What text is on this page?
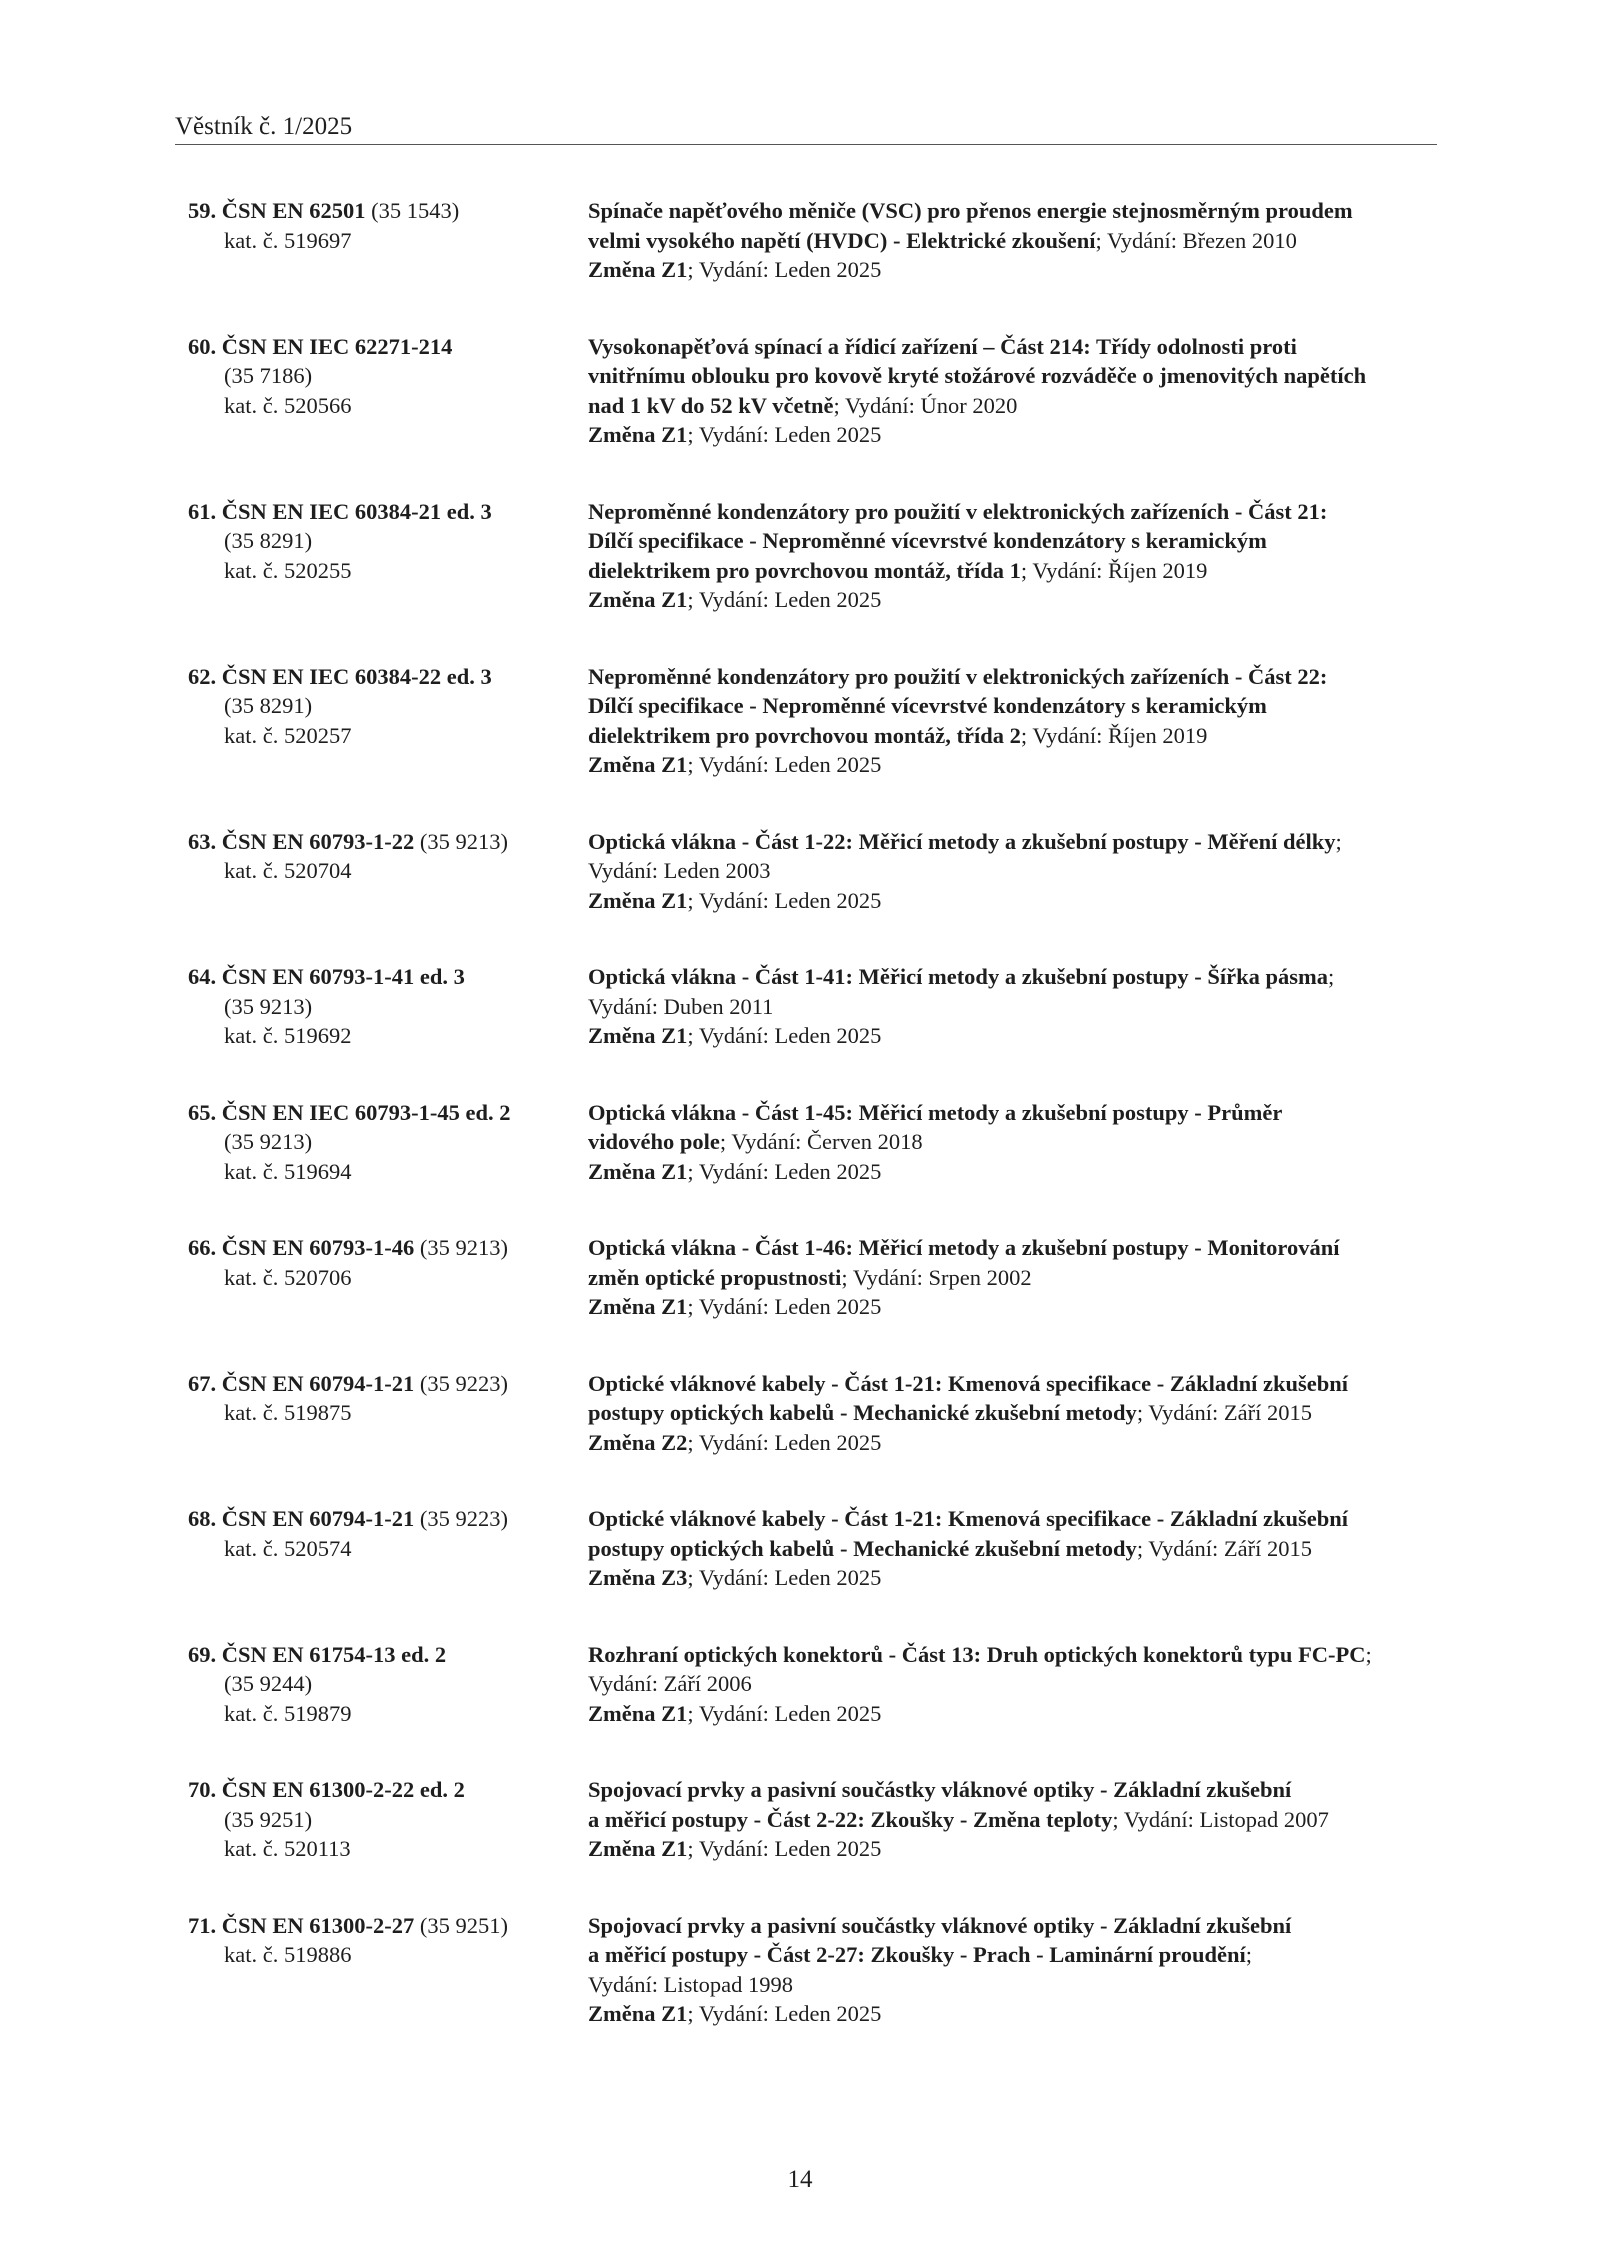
Věstník č. 1/2025
59. ČSN EN 62501 (35 1543)
kat. č. 519697
Spínače napěťového měniče (VSC) pro přenos energie stejnosměrným proudem
velmi vysokého napětí (HVDC) - Elektrické zkoušení; Vydání: Březen 2010
Změna Z1; Vydání: Leden 2025
60. ČSN EN IEC 62271-214
(35 7186)
kat. č. 520566
Vysokonapěťová spínací a řídicí zařízení – Část 214: Třídy odolnosti proti
vnitřnímu oblouku pro kovově kryté stožárové rozváděče o jmenovitých napětích
nad 1 kV do 52 kV včetně; Vydání: Únor 2020
Změna Z1; Vydání: Leden 2025
61. ČSN EN IEC 60384-21 ed. 3
(35 8291)
kat. č. 520255
Neproměnné kondenzátory pro použití v elektronických zařízeních - Část 21:
Dílčí specifikace - Neproměnné vícevrstvé kondenzátory s keramickým
dielektrikem pro povrchovou montáž, třída 1; Vydání: Říjen 2019
Změna Z1; Vydání: Leden 2025
62. ČSN EN IEC 60384-22 ed. 3
(35 8291)
kat. č. 520257
Neproměnné kondenzátory pro použití v elektronických zařízeních - Část 22:
Dílčí specifikace - Neproměnné vícevrstvé kondenzátory s keramickým
dielektrikem pro povrchovou montáž, třída 2; Vydání: Říjen 2019
Změna Z1; Vydání: Leden 2025
63. ČSN EN 60793-1-22 (35 9213)
kat. č. 520704
Optická vlákna - Část 1-22: Měřicí metody a zkušební postupy - Měření délky;
Vydání: Leden 2003
Změna Z1; Vydání: Leden 2025
64. ČSN EN 60793-1-41 ed. 3
(35 9213)
kat. č. 519692
Optická vlákna - Část 1-41: Měřicí metody a zkušební postupy - Šířka pásma;
Vydání: Duben 2011
Změna Z1; Vydání: Leden 2025
65. ČSN EN IEC 60793-1-45 ed. 2
(35 9213)
kat. č. 519694
Optická vlákna - Část 1-45: Měřicí metody a zkušební postupy - Průměr
vidového pole; Vydání: Červen 2018
Změna Z1; Vydání: Leden 2025
66. ČSN EN 60793-1-46 (35 9213)
kat. č. 520706
Optická vlákna - Část 1-46: Měřicí metody a zkušební postupy - Monitorování
změn optické propustnosti; Vydání: Srpen 2002
Změna Z1; Vydání: Leden 2025
67. ČSN EN 60794-1-21 (35 9223)
kat. č. 519875
Optické vláknové kabely - Část 1-21: Kmenová specifikace - Základní zkušební
postupy optických kabelů - Mechanické zkušební metody; Vydání: Září 2015
Změna Z2; Vydání: Leden 2025
68. ČSN EN 60794-1-21 (35 9223)
kat. č. 520574
Optické vláknové kabely - Část 1-21: Kmenová specifikace - Základní zkušební
postupy optických kabelů - Mechanické zkušební metody; Vydání: Září 2015
Změna Z3; Vydání: Leden 2025
69. ČSN EN 61754-13 ed. 2
(35 9244)
kat. č. 519879
Rozhraní optických konektorů - Část 13: Druh optických konektorů typu FC-PC;
Vydání: Září 2006
Změna Z1; Vydání: Leden 2025
70. ČSN EN 61300-2-22 ed. 2
(35 9251)
kat. č. 520113
Spojovací prvky a pasivní součástky vláknové optiky - Základní zkušební
a měřicí postupy - Část 2-22: Zkoušky - Změna teploty; Vydání: Listopad 2007
Změna Z1; Vydání: Leden 2025
71. ČSN EN 61300-2-27 (35 9251)
kat. č. 519886
Spojovací prvky a pasivní součástky vláknové optiky - Základní zkušební
a měřicí postupy - Část 2-27: Zkoušky - Prach - Laminární proudění;
Vydání: Listopad 1998
Změna Z1; Vydání: Leden 2025
14
